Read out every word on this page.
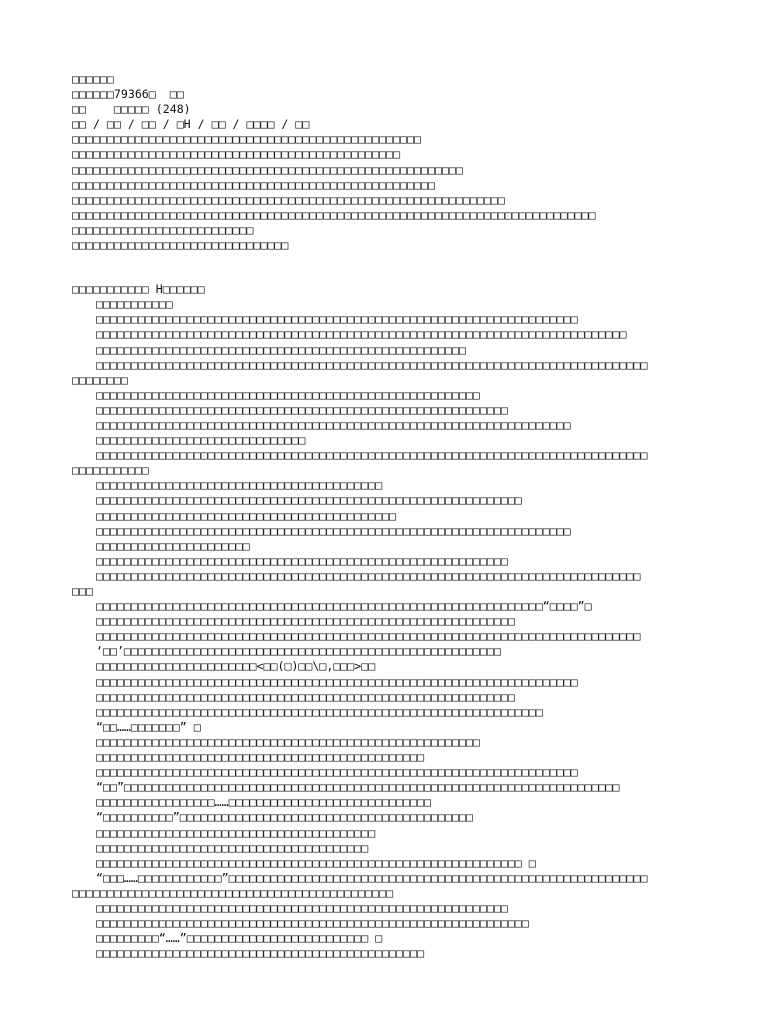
□□□□□□
□□□□□□79366□  □□
□□    □□□□□ (248)
□□ / □□ / □□ / □H / □□ / □□□□ / □□
□□□□□□□□□□□□□□□□□□□□□□□□□□□□□□□□□□□□□□□□□□□□□□□□□□
□□□□□□□□□□□□□□□□□□□□□□□□□□□□□□□□□□□□□□□□□□□□□□□
□□□□□□□□□□□□□□□□□□□□□□□□□□□□□□□□□□□□□□□□□□□□□□□□□□□□□□□□
□□□□□□□□□□□□□□□□□□□□□□□□□□□□□□□□□□□□□□□□□□□□□□□□□□□□
□□□□□□□□□□□□□□□□□□□□□□□□□□□□□□□□□□□□□□□□□□□□□□□□□□□□□□□□□□□□□□
□□□□□□□□□□□□□□□□□□□□□□□□□□□□□□□□□□□□□□□□□□□□□□□□□□□□□□□□□□□□□□□□□□□□□□□□□□□
□□□□□□□□□□□□□□□□□□□□□□□□□□
□□□□□□□□□□□□□□□□□□□□□□□□□□□□□□□
□□□□□□□□□□□ H□□□□□□
□□□□□□□□□□□
□□□□□□□□□□□□□□□□□□□□□□□□□□□□□□□□□□□□□□□□□□□□□□□□□□□□□□□□□□□□□□□□□□□□□
□□□□□□□□□□□□□□□□□□□□□□□□□□□□□□□□□□□□□□□□□□□□□□□□□□□□□□□□□□□□□□□□□□□□□□□□□□□□
□□□□□□□□□□□□□□□□□□□□□□□□□□□□□□□□□□□□□□□□□□□□□□□□□□□□□
□□□□□□□□□□□□□□□□□□□□□□□□□□□□□□□□□□□□□□□□□□□□□□□□□□□□□□□□□□□□□□□□□□□□□□□□□□□□□□□
□□□□□□□□
□□□□□□□□□□□□□□□□□□□□□□□□□□□□□□□□□□□□□□□□□□□□□□□□□□□□□□□
□□□□□□□□□□□□□□□□□□□□□□□□□□□□□□□□□□□□□□□□□□□□□□□□□□□□□□□□□□□
□□□□□□□□□□□□□□□□□□□□□□□□□□□□□□□□□□□□□□□□□□□□□□□□□□□□□□□□□□□□□□□□□□□□
□□□□□□□□□□□□□□□□□□□□□□□□□□□□□□
□□□□□□□□□□□□□□□□□□□□□□□□□□□□□□□□□□□□□□□□□□□□□□□□□□□□□□□□□□□□□□□□□□□□□□□□□□□□□□□
□□□□□□□□□□□
□□□□□□□□□□□□□□□□□□□□□□□□□□□□□□□□□□□□□□□□□
□□□□□□□□□□□□□□□□□□□□□□□□□□□□□□□□□□□□□□□□□□□□□□□□□□□□□□□□□□□□□
□□□□□□□□□□□□□□□□□□□□□□□□□□□□□□□□□□□□□□□□□□□
□□□□□□□□□□□□□□□□□□□□□□□□□□□□□□□□□□□□□□□□□□□□□□□□□□□□□□□□□□□□□□□□□□□□
□□□□□□□□□□□□□□□□□□□□□□
□□□□□□□□□□□□□□□□□□□□□□□□□□□□□□□□□□□□□□□□□□□□□□□□□□□□□□□□□□□
□□□□□□□□□□□□□□□□□□□□□□□□□□□□□□□□□□□□□□□□□□□□□□□□□□□□□□□□□□□□□□□□□□□□□□□□□□□□□□
□□□
□□□□□□□□□□□□□□□□□□□□□□□□□□□□□□□□□□□□□□□□□□□□□□□□□□□□□□□□□□□□□□□□“□□□□”□
□□□□□□□□□□□□□□□□□□□□□□□□□□□□□□□□□□□□□□□□□□□□□□□□□□□□□□□□□□□□
□□□□□□□□□□□□□□□□□□□□□□□□□□□□□□□□□□□□□□□□□□□□□□□□□□□□□□□□□□□□□□□□□□□□□□□□□□□□□□
‘□□’□□□□□□□□□□□□□□□□□□□□□□□□□□□□□□□□□□□□□□□□□□□□□□□□□□□□□□
□□□□□□□□□□□□□□□□□□□□□□□<□□(□)□□\□,□□□>□□
□□□□□□□□□□□□□□□□□□□□□□□□□□□□□□□□□□□□□□□□□□□□□□□□□□□□□□□□□□□□□□□□□□□□□
□□□□□□□□□□□□□□□□□□□□□□□□□□□□□□□□□□□□□□□□□□□□□□□□□□□□□□□□□□□□
□□□□□□□□□□□□□□□□□□□□□□□□□□□□□□□□□□□□□□□□□□□□□□□□□□□□□□□□□□□□□□□□
“□□……□□□□□□□” □
□□□□□□□□□□□□□□□□□□□□□□□□□□□□□□□□□□□□□□□□□□□□□□□□□□□□□□□
□□□□□□□□□□□□□□□□□□□□□□□□□□□□□□□□□□□□□□□□□□□□□□□
□□□□□□□□□□□□□□□□□□□□□□□□□□□□□□□□□□□□□□□□□□□□□□□□□□□□□□□□□□□□□□□□□□□□□
“□□”□□□□□□□□□□□□□□□□□□□□□□□□□□□□□□□□□□□□□□□□□□□□□□□□□□□□□□□□□□□□□□□□□□□□□□□
□□□□□□□□□□□□□□□□□……□□□□□□□□□□□□□□□□□□□□□□□□□□□□□
“□□□□□□□□□□”□□□□□□□□□□□□□□□□□□□□□□□□□□□□□□□□□□□□□□□□□□
□□□□□□□□□□□□□□□□□□□□□□□□□□□□□□□□□□□□□□□□
□□□□□□□□□□□□□□□□□□□□□□□□□□□□□□□□□□□□□□□
□□□□□□□□□□□□□□□□□□□□□□□□□□□□□□□□□□□□□□□□□□□□□□□□□□□□□□□□□□□□□ □
“□□□……□□□□□□□□□□□□”□□□□□□□□□□□□□□□□□□□□□□□□□□□□□□□□□□□□□□□□□□□□□□□□□□□□□□□□□□□□
□□□□□□□□□□□□□□□□□□□□□□□□□□□□□□□□□□□□□□□□□□□□□□
□□□□□□□□□□□□□□□□□□□□□□□□□□□□□□□□□□□□□□□□□□□□□□□□□□□□□□□□□□□
□□□□□□□□□□□□□□□□□□□□□□□□□□□□□□□□□□□□□□□□□□□□□□□□□□□□□□□□□□□□□□
□□□□□□□□□“……”□□□□□□□□□□□□□□□□□□□□□□□□□□ □
□□□□□□□□□□□□□□□□□□□□□□□□□□□□□□□□□□□□□□□□□□□□□□□
